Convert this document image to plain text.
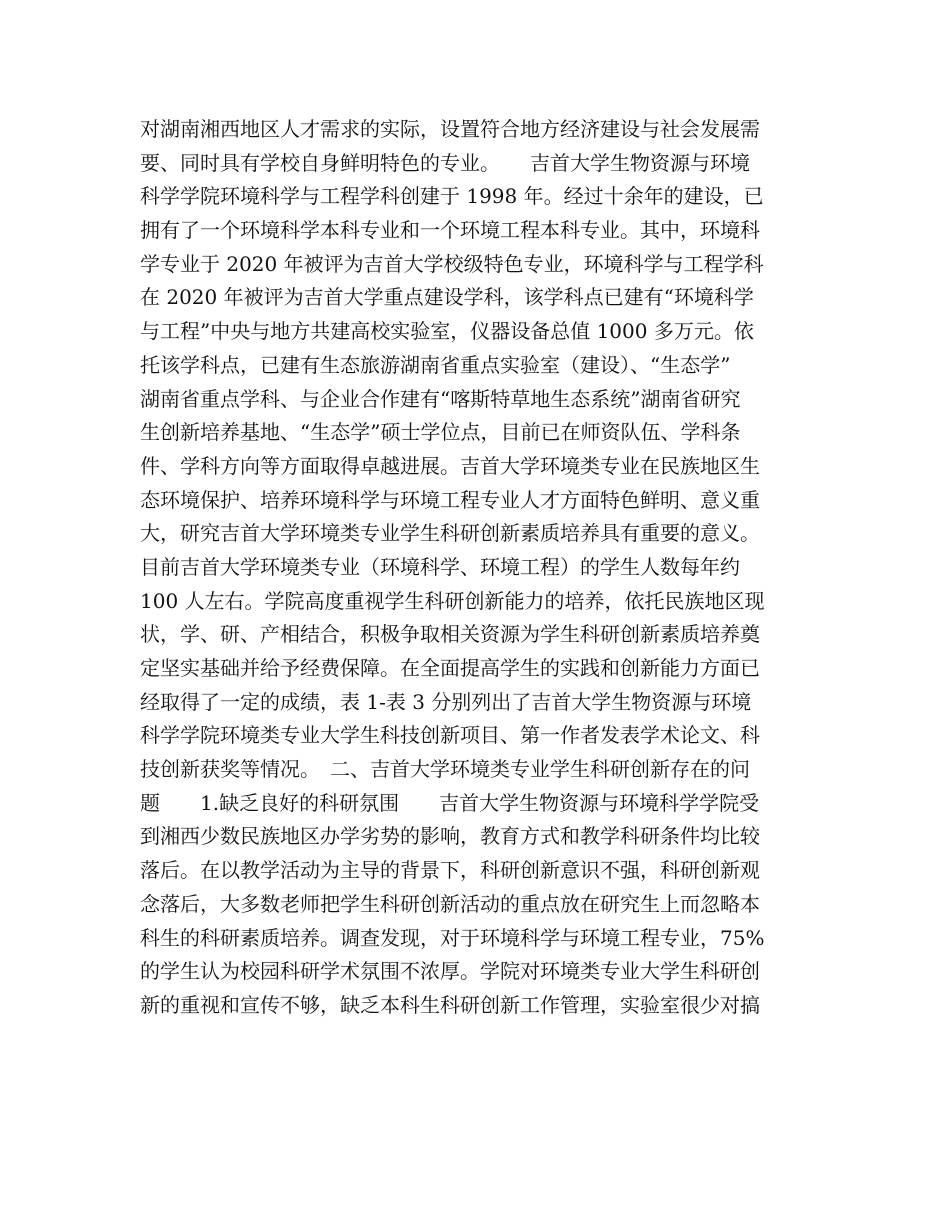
对湖南湘西地区人才需求的实际，设置符合地方经济建设与社会发展需
要、同时具有学校自身鲜明特色的专业。　　吉首大学生物资源与环境
科学学院环境科学与工程学科创建于 1998 年。经过十余年的建设，已
拥有了一个环境科学本科专业和一个环境工程本科专业。其中，环境科
学专业于 2020 年被评为吉首大学校级特色专业，环境科学与工程学科
在 2020 年被评为吉首大学重点建设学科，该学科点已建有“环境科学
与工程”中央与地方共建高校实验室，仪器设备总值 1000 多万元。依
托该学科点，已建有生态旅游湖南省重点实验室（建设）、“生态学”
湖南省重点学科、与企业合作建有“喀斯特草地生态系统”湖南省研究
生创新培养基地、“生态学”硕士学位点，目前已在师资队伍、学科条
件、学科方向等方面取得卓越进展。吉首大学环境类专业在民族地区生
态环境保护、培养环境科学与环境工程专业人才方面特色鲜明、意义重
大，研究吉首大学环境类专业学生科研创新素质培养具有重要的意义。
目前吉首大学环境类专业（环境科学、环境工程）的学生人数每年约
100 人左右。学院高度重视学生科研创新能力的培养，依托民族地区现
状，学、研、产相结合，积极争取相关资源为学生科研创新素质培养奠
定坚实基础并给予经费保障。在全面提高学生的实践和创新能力方面已
经取得了一定的成绩，表 1-表 3 分别列出了吉首大学生物资源与环境
科学学院环境类专业大学生科技创新项目、第一作者发表学术论文、科
技创新获奖等情况。　二、吉首大学环境类专业学生科研创新存在的问
题　　1.缺乏良好的科研氛围　　吉首大学生物资源与环境科学学院受
到湘西少数民族地区办学劣势的影响，教育方式和教学科研条件均比较
落后。在以教学活动为主导的背景下，科研创新意识不强，科研创新观
念落后，大多数老师把学生科研创新活动的重点放在研究生上而忽略本
科生的科研素质培养。调查发现，对于环境科学与环境工程专业，75%
的学生认为校园科研学术氛围不浓厚。学院对环境类专业大学生科研创
新的重视和宣传不够，缺乏本科生科研创新工作管理，实验室很少对搞
